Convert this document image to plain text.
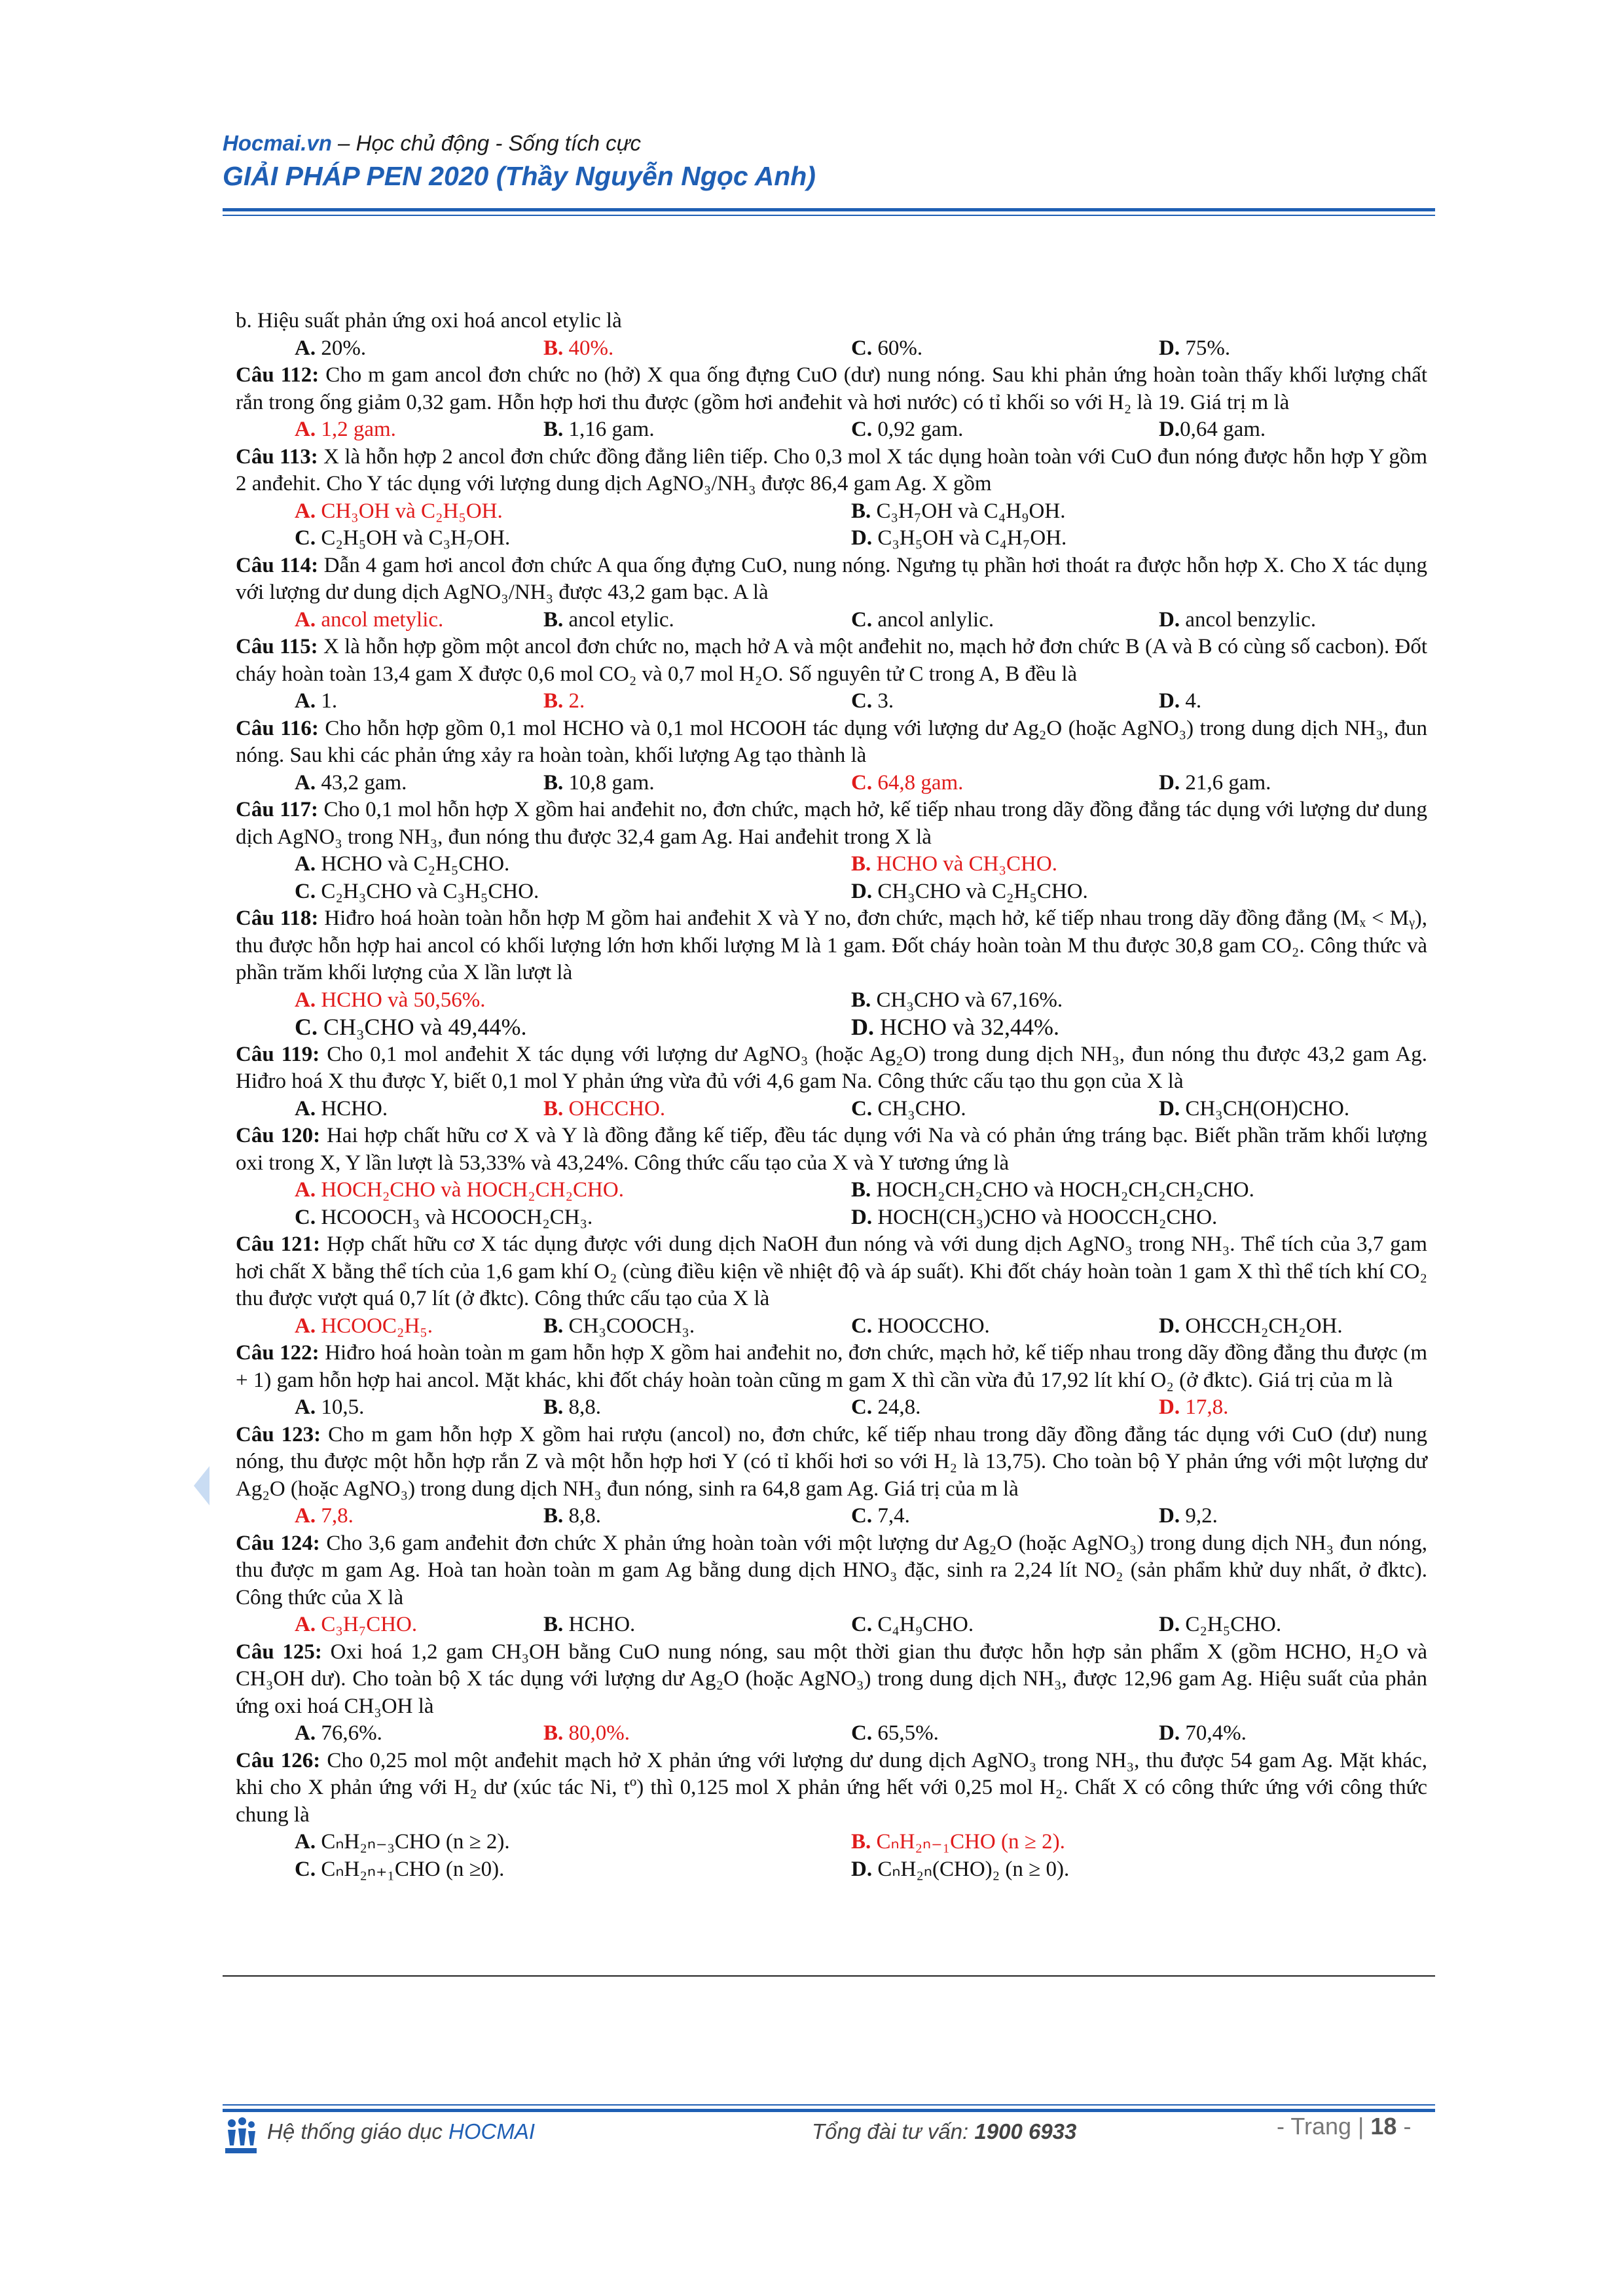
Hocmai.vn – Học chủ động - Sống tích cực
GIẢI PHÁP PEN 2020 (Thầy Nguyễn Ngọc Anh)

b. Hiệu suất phản ứng oxi hoá ancol etylic là

A. 20%.	B. 40%.	C. 60%.	D. 75%.

Câu 112: Cho m gam ancol đơn chức no (hở) X qua ống đựng CuO (dư) nung nóng. Sau khi phản ứng hoàn toàn thấy khối lượng chất rắn trong ống giảm 0,32 gam. Hỗn hợp hơi thu được (gồm hơi anđehit và hơi nước) có tỉ khối so với H₂ là 19. Giá trị m là

A. 1,2 gam.	B. 1,16 gam.	C. 0,92 gam.	D.0,64 gam.

Câu 113: X là hỗn hợp 2 ancol đơn chức đồng đẳng liên tiếp. Cho 0,3 mol X tác dụng hoàn toàn với CuO đun nóng được hỗn hợp Y gồm 2 anđehit. Cho Y tác dụng với lượng dung dịch AgNO₃/NH₃ được 86,4 gam Ag. X gồm

A. CH₃OH và C₂H₅OH.	B. C₃H₇OH và C₄H₉OH.
C. C₂H₅OH và C₃H₇OH.	D. C₃H₅OH và C₄H₇OH.

Câu 114: Dẫn 4 gam hơi ancol đơn chức A qua ống đựng CuO, nung nóng. Ngưng tụ phần hơi thoát ra được hỗn hợp X. Cho X tác dụng với lượng dư dung dịch AgNO₃/NH₃ được 43,2 gam bạc. A là

A. ancol metylic.	B. ancol etylic.	C. ancol anlylic.	D. ancol benzylic.

Câu 115: X là hỗn hợp gồm một ancol đơn chức no, mạch hở A và một anđehit no, mạch hở đơn chức B (A và B có cùng số cacbon). Đốt cháy hoàn toàn 13,4 gam X được 0,6 mol CO₂ và 0,7 mol H₂O. Số nguyên tử C trong A, B đều là

A. 1.	B. 2.	C. 3.	D. 4.

Câu 116: Cho hỗn hợp gồm 0,1 mol HCHO và 0,1 mol HCOOH tác dụng với lượng dư Ag₂O (hoặc AgNO₃) trong dung dịch NH₃, đun nóng. Sau khi các phản ứng xảy ra hoàn toàn, khối lượng Ag tạo thành là

A. 43,2 gam.	B. 10,8 gam.	C. 64,8 gam.	D. 21,6 gam.

Câu 117: Cho 0,1 mol hỗn hợp X gồm hai anđehit no, đơn chức, mạch hở, kế tiếp nhau trong dãy đồng đẳng tác dụng với lượng dư dung dịch AgNO₃ trong NH₃, đun nóng thu được 32,4 gam Ag. Hai anđehit trong X là

A. HCHO và C₂H₅CHO.	B. HCHO và CH₃CHO.
C. C₂H₃CHO và C₃H₅CHO.	D. CH₃CHO và C₂H₅CHO.

Câu 118: Hiđro hoá hoàn toàn hỗn hợp M gồm hai anđehit X và Y no, đơn chức, mạch hở, kế tiếp nhau trong dãy đồng đẳng (Mₓ < Mᵧ), thu được hỗn hợp hai ancol có khối lượng lớn hơn khối lượng M là 1 gam. Đốt cháy hoàn toàn M thu được 30,8 gam CO₂. Công thức và phần trăm khối lượng của X lần lượt là

A. HCHO và 50,56%.	B. CH₃CHO và 67,16%.
C. CH₃CHO và 49,44%.	D. HCHO và 32,44%.

Câu 119: Cho 0,1 mol anđehit X tác dụng với lượng dư AgNO₃ (hoặc Ag₂O) trong dung dịch NH₃, đun nóng thu được 43,2 gam Ag. Hiđro hoá X thu được Y, biết 0,1 mol Y phản ứng vừa đủ với 4,6 gam Na. Công thức cấu tạo thu gọn của X là

A. HCHO.	B. OHCCHO.	C. CH₃CHO.	D. CH₃CH(OH)CHO.

Câu 120: Hai hợp chất hữu cơ X và Y là đồng đẳng kế tiếp, đều tác dụng với Na và có phản ứng tráng bạc. Biết phần trăm khối lượng oxi trong X, Y lần lượt là 53,33% và 43,24%. Công thức cấu tạo của X và Y tương ứng là

A. HOCH₂CHO và HOCH₂CH₂CHO.	B. HOCH₂CH₂CHO và HOCH₂CH₂CH₂CHO.
C. HCOOCH₃ và HCOOCH₂CH₃.	D. HOCH(CH₃)CHO và HOOCCH₂CHO.

Câu 121: Hợp chất hữu cơ X tác dụng được với dung dịch NaOH đun nóng và với dung dịch AgNO₃ trong NH₃. Thể tích của 3,7 gam hơi chất X bằng thể tích của 1,6 gam khí O₂ (cùng điều kiện về nhiệt độ và áp suất). Khi đốt cháy hoàn toàn 1 gam X thì thể tích khí CO₂ thu được vượt quá 0,7 lít (ở đktc). Công thức cấu tạo của X là

A. HCOOC₂H₅.	B. CH₃COOCH₃.	C. HOOCCHO.	D. OHCCH₂CH₂OH.

Câu 122: Hiđro hoá hoàn toàn m gam hỗn hợp X gồm hai anđehit no, đơn chức, mạch hở, kế tiếp nhau trong dãy đồng đẳng thu được (m + 1) gam hỗn hợp hai ancol. Mặt khác, khi đốt cháy hoàn toàn cũng m gam X thì cần vừa đủ 17,92 lít khí O₂ (ở đktc). Giá trị của m là

A. 10,5.	B. 8,8.	C. 24,8.	D. 17,8.

Câu 123: Cho m gam hỗn hợp X gồm hai rượu (ancol) no, đơn chức, kế tiếp nhau trong dãy đồng đẳng tác dụng với CuO (dư) nung nóng, thu được một hỗn hợp rắn Z và một hỗn hợp hơi Y (có tỉ khối hơi so với H₂ là 13,75). Cho toàn bộ Y phản ứng với một lượng dư Ag₂O (hoặc AgNO₃) trong dung dịch NH₃ đun nóng, sinh ra 64,8 gam Ag. Giá trị của m là

A. 7,8.	B. 8,8.	C. 7,4.	D. 9,2.

Câu 124: Cho 3,6 gam anđehit đơn chức X phản ứng hoàn toàn với một lượng dư Ag₂O (hoặc AgNO₃) trong dung dịch NH₃ đun nóng, thu được m gam Ag. Hoà tan hoàn toàn m gam Ag bằng dung dịch HNO₃ đặc, sinh ra 2,24 lít NO₂ (sản phẩm khử duy nhất, ở đktc). Công thức của X là

A. C₃H₇CHO.	B. HCHO.	C. C₄H₉CHO.	D. C₂H₅CHO.

Câu 125: Oxi hoá 1,2 gam CH₃OH bằng CuO nung nóng, sau một thời gian thu được hỗn hợp sản phẩm X (gồm HCHO, H₂O và CH₃OH dư). Cho toàn bộ X tác dụng với lượng dư Ag₂O (hoặc AgNO₃) trong dung dịch NH₃, được 12,96 gam Ag. Hiệu suất của phản ứng oxi hoá CH₃OH là

A. 76,6%.	B. 80,0%.	C. 65,5%.	D. 70,4%.

Câu 126: Cho 0,25 mol một anđehit mạch hở X phản ứng với lượng dư dung dịch AgNO₃ trong NH₃, thu được 54 gam Ag. Mặt khác, khi cho X phản ứng với H₂ dư (xúc tác Ni, tº) thì 0,125 mol X phản ứng hết với 0,25 mol H₂. Chất X có công thức ứng với công thức chung là

A. CₙH₂ₙ₋₃CHO (n ≥ 2).	B. CₙH₂ₙ₋₁CHO (n ≥ 2).
C. CₙH₂ₙ₊₁CHO (n ≥0).	D. CₙH₂ₙ(CHO)₂ (n ≥ 0).
Hệ thống giáo dục HOCMAI	Tổng đài tư vấn: 1900 6933	- Trang | 18 -
